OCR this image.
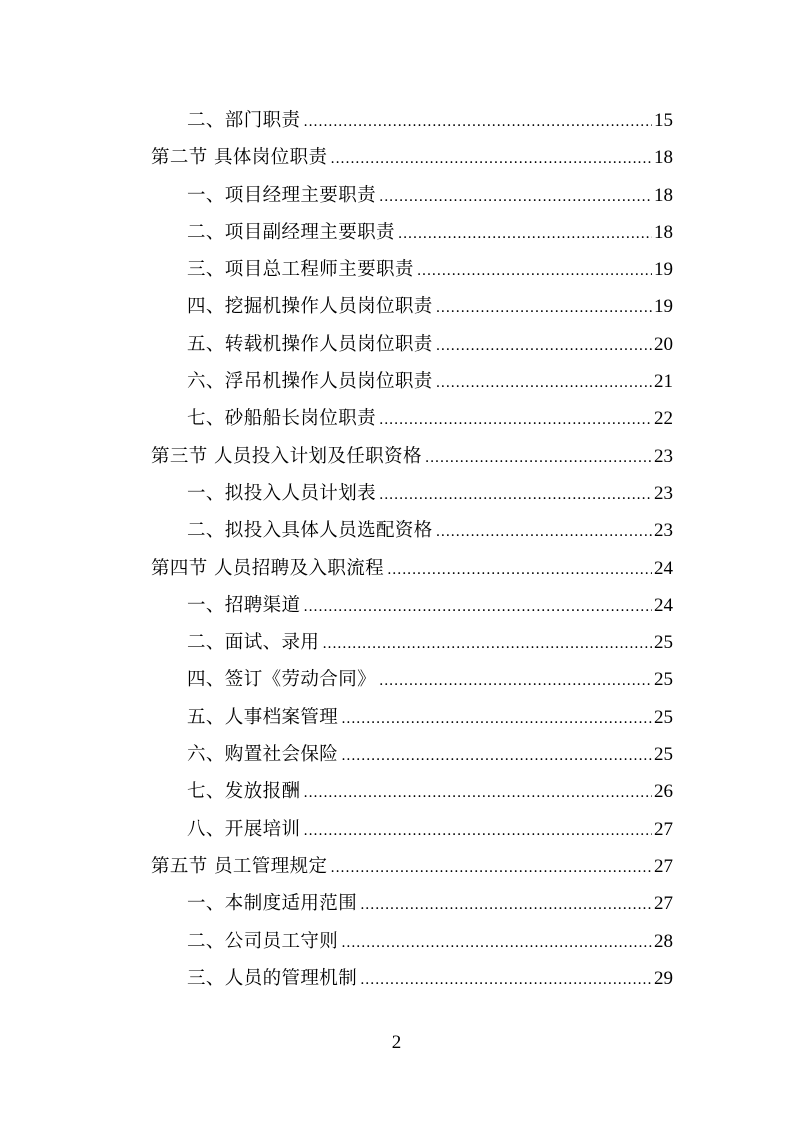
二、部门职责 .....	15
第二节 具体岗位职责 .....	18
一、项目经理主要职责 .....	18
二、项目副经理主要职责 .....	18
三、项目总工程师主要职责 .....	19
四、挖掘机操作人员岗位职责 .....	19
五、转载机操作人员岗位职责 .....	20
六、浮吊机操作人员岗位职责 .....	21
七、砂船船长岗位职责 .....	22
第三节 人员投入计划及任职资格 .....	23
一、拟投入人员计划表 .....	23
二、拟投入具体人员选配资格 .....	23
第四节 人员招聘及入职流程 .....	24
一、招聘渠道 .....	24
二、面试、录用 .....	25
四、签订《劳动合同》 .....	25
五、人事档案管理 .....	25
六、购置社会保险 .....	25
七、发放报酬 .....	26
八、开展培训 .....	27
第五节 员工管理规定 .....	27
一、本制度适用范围 .....	27
二、公司员工守则 .....	28
三、人员的管理机制 .....	29
2
